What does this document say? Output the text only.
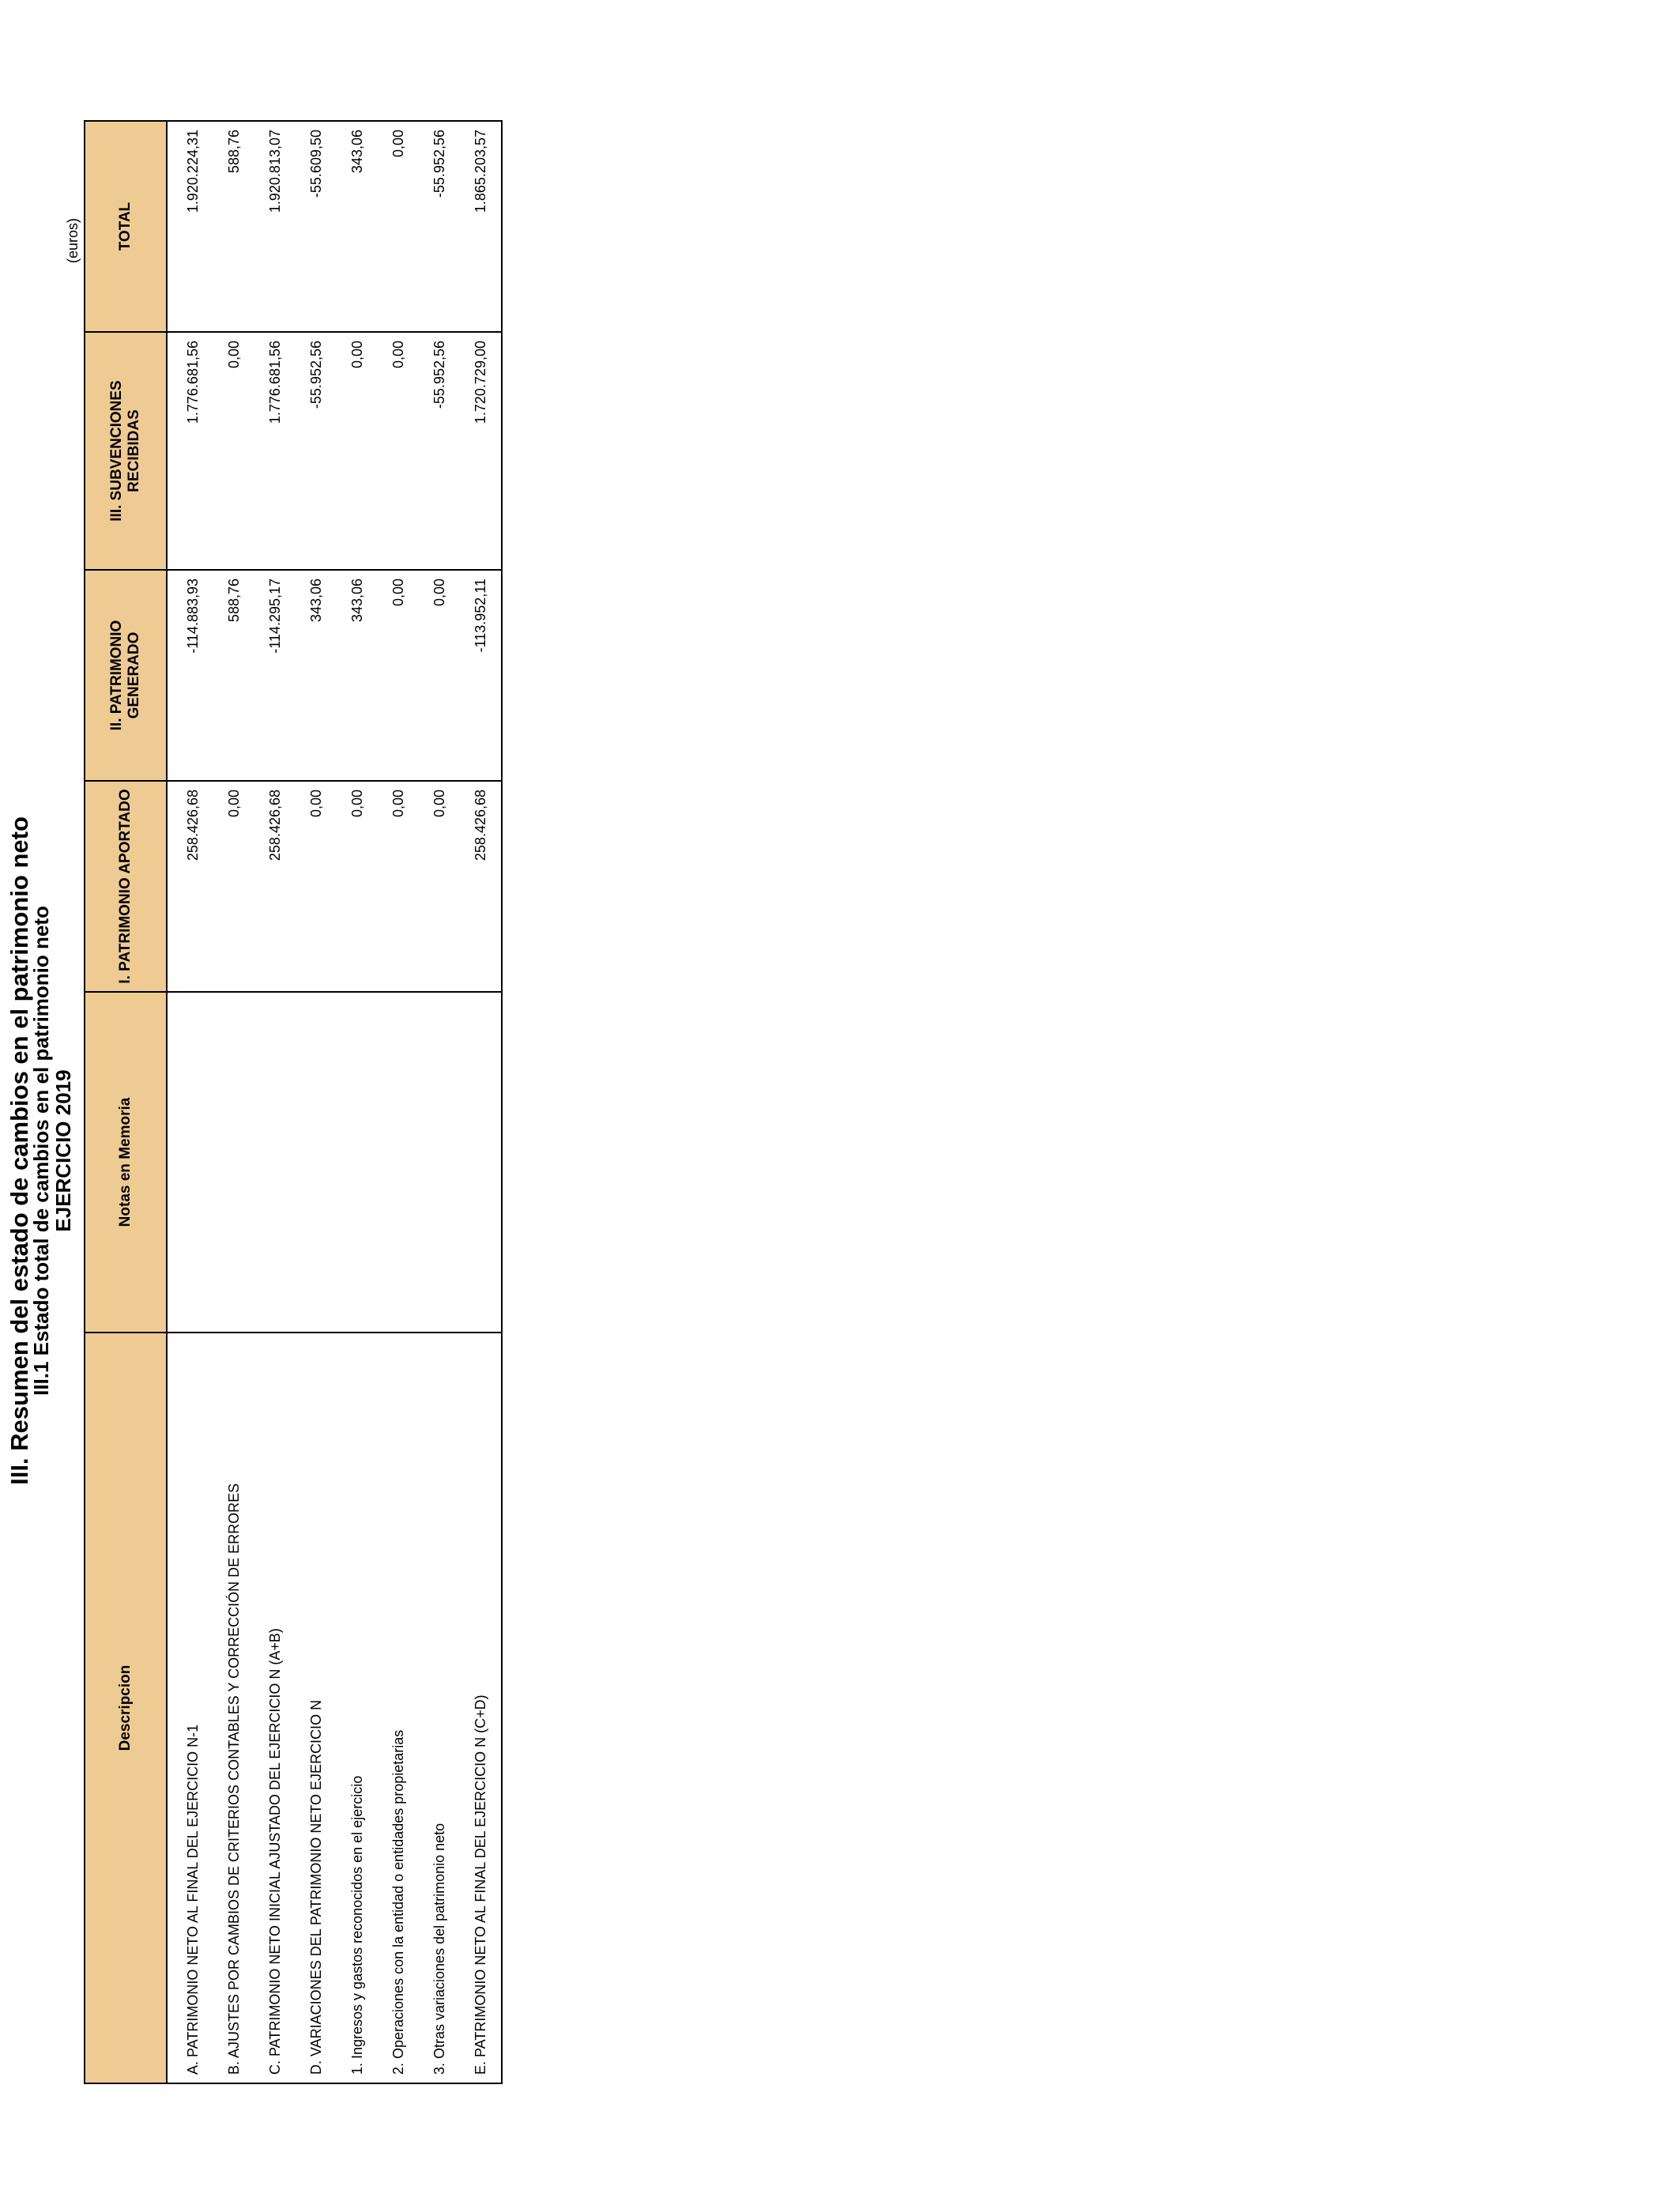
III. Resumen del estado de cambios en el patrimonio neto
III.1 Estado total de cambios en el patrimonio neto
EJERCICIO 2019
(euros)
Descripcion	Notas en Memoria	I. PATRIMONIO APORTADO	II. PATRIMONIO GENERADO	III. SUBVENCIONES RECIBIDAS	TOTAL
A. PATRIMONIO NETO AL FINAL DEL EJERCICIO N-1		258.426,68	-114.883,93	1.776.681,56	1.920.224,31
B. AJUSTES POR CAMBIOS DE CRITERIOS CONTABLES Y CORRECCIÓN DE ERRORES		0,00	588,76	0,00	588,76
C. PATRIMONIO NETO INICIAL AJUSTADO DEL EJERCICIO N (A+B)		258.426,68	-114.295,17	1.776.681,56	1.920.813,07
D. VARIACIONES DEL PATRIMONIO NETO EJERCICIO N		0,00	343,06	-55.952,56	-55.609,50
1. Ingresos y gastos reconocidos en el ejercicio		0,00	343,06	0,00	343,06
2. Operaciones con la entidad o entidades propietarias		0,00	0,00	0,00	0,00
3. Otras variaciones del patrimonio neto		0,00	0,00	-55.952,56	-55.952,56
E. PATRIMONIO NETO AL FINAL DEL EJERCICIO N (C+D)		258.426,68	-113.952,11	1.720.729,00	1.865.203,57
